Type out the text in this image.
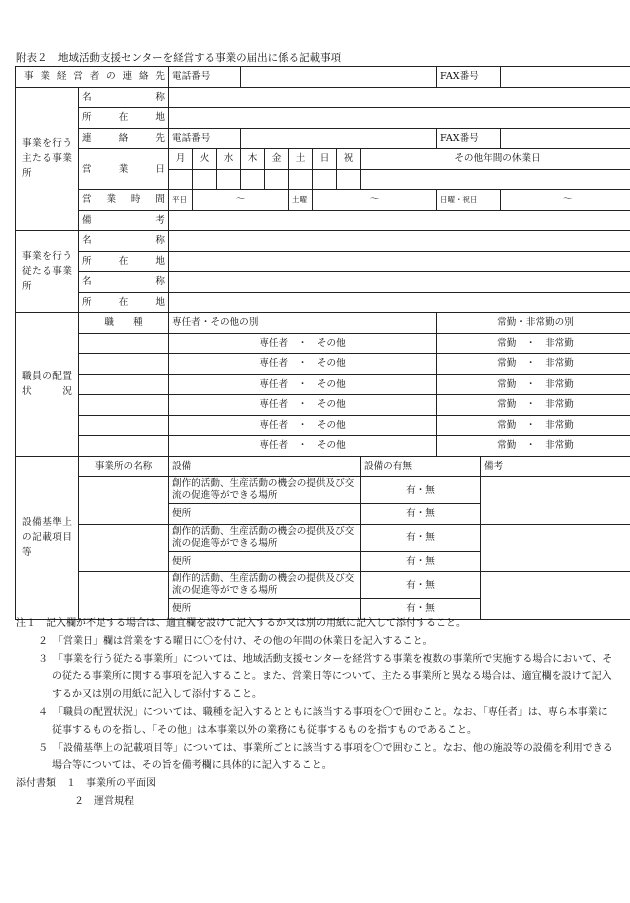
附表２　地域活動支援センターを経営する事業の届出に係る記載事項
事業経営者の連絡先		電話番号									FAX番号		
事業を行う主たる事業所	名称												
	所在地												
	連絡先	電話番号									FAX番号		
	営業日	月	火	水	木	金	土	日	祝	その他年間の休業日			

	営業時間	平日	〜				土曜	〜			日曜・祝日		〜
	備考												
事業を行う従たる事業所	名称												
	所在地												
	名称												
	所在地												
職員の配置状況	職　　種	専任者・その他の別									常勤・非常勤の別		
		専任者　・　その他									常勤　・　非常勤		
		専任者　・　その他									常勤　・　非常勤		
		専任者　・　その他									常勤　・　非常勤		
		専任者　・　その他									常勤　・　非常勤		
		専任者　・　その他									常勤　・　非常勤		
		専任者　・　その他									常勤　・　非常勤		
設備基準上の記載項目等	事業所の名称	設備								設備の有無		備考	
		創作的活動、生産活動の機会の提供及び交流の促進等ができる場所								有・無			
		便所								有・無			
		創作的活動、生産活動の機会の提供及び交流の促進等ができる場所								有・無			
		便所								有・無			
		創作的活動、生産活動の機会の提供及び交流の促進等ができる場所								有・無			
		便所								有・無			

注１　記入欄が不足する場合は、適宜欄を設けて記入するか又は別の用紙に記入して添付すること。

２　「営業日」欄は営業をする曜日に〇を付け、その他の年間の休業日を記入すること。

３　「事業を行う従たる事業所」については、地域活動支援センターを経営する事業を複数の事業所で実施する場合において、その従たる事業所に関する事項を記入すること。また、営業日等について、主たる事業所と異なる場合は、適宜欄を設けて記入するか又は別の用紙に記入して添付すること。

４　「職員の配置状況」については、職種を記入するとともに該当する事項を〇で囲むこと。なお、「専任者」は、専ら本事業に従事するものを指し、「その他」は本事業以外の業務にも従事するものを指すものであること。

５　「設備基準上の記載項目等」については、事業所ごとに該当する事項を〇で囲むこと。なお、他の施設等の設備を利用できる場合等については、その旨を備考欄に具体的に記入すること。

添付書類　１　事業所の平面図

２　運営規程
